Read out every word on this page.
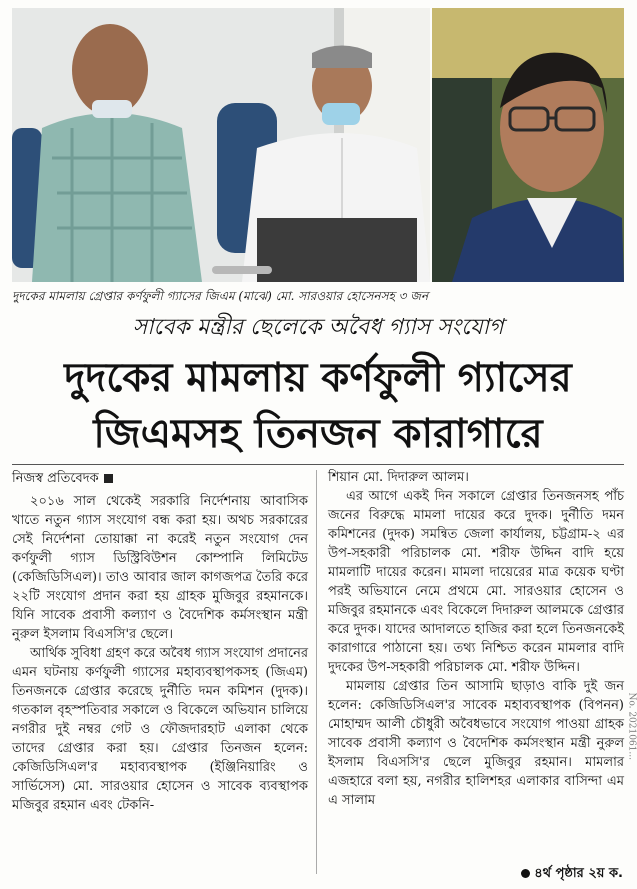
দুদকের মামলায় গ্রেপ্তার কর্ণফুলী গ্যাসের জিএম (মাঝে) মো. সারওয়ার হোসেনসহ ৩ জন
সাবেক মন্ত্রীর ছেলেকে অবৈধ গ্যাস সংযোগ
দুদকের মামলায় কর্ণফুলী গ্যাসের
জিএমসহ তিনজন কারাগারে
নিজস্ব প্রতিবেদক

২০১৬ সাল থেকেই সরকারি নির্দেশনায় আবাসিক খাতে নতুন গ্যাস সংযোগ বন্ধ করা হয়। অথচ সরকারের সেই নির্দেশনা তোয়াক্কা না করেই নতুন সংযোগ দেন কর্ণফুলী গ্যাস ডিস্ট্রিবিউশন কোম্পানি লিমিটেড (কেজিডিসিএল)। তাও আবার জাল কাগজপত্র তৈরি করে ২২টি সংযোগ প্রদান করা হয় গ্রাহক মুজিবুর রহমানকে। যিনি সাবেক প্রবাসী কল্যাণ ও বৈদেশিক কর্মসংস্থান মন্ত্রী নুরুল ইসলাম বিএসসি'র ছেলে।

আর্থিক সুবিধা গ্রহণ করে অবৈধ গ্যাস সংযোগ প্রদানের এমন ঘটনায় কর্ণফুলী গ্যাসের মহাব্যবস্থাপকসহ (জিএম) তিনজনকে গ্রেপ্তার করেছে দুর্নীতি দমন কমিশন (দুদক)। গতকাল বৃহস্পতিবার সকালে ও বিকেলে অভিযান চালিয়ে নগরীর দুই নম্বর গেট ও ফৌজদারহাট এলাকা থেকে তাদের গ্রেপ্তার করা হয়। গ্রেপ্তার তিনজন হলেন: কেজিডিসিএল'র মহাব্যবস্থাপক (ইঞ্জিনিয়ারিং ও সার্ভিসেস) মো. সারওয়ার হোসেন ও সাবেক ব্যবস্থাপক মজিবুর রহমান এবং টেকনি-

শিয়ান মো. দিদারুল আলম।

এর আগে একই দিন সকালে গ্রেপ্তার তিনজনসহ পাঁচ জনের বিরুদ্ধে মামলা দায়ের করে দুদক। দুর্নীতি দমন কমিশনের (দুদক) সমন্বিত জেলা কার্যালয়, চট্টগ্রাম-২ এর উপ-সহকারী পরিচালক মো. শরীফ উদ্দিন বাদি হয়ে মামলাটি দায়ের করেন। মামলা দায়েরের মাত্র কয়েক ঘণ্টা পরই অভিযানে নেমে প্রথমে মো. সারওয়ার হোসেন ও মজিবুর রহমানকে এবং বিকেলে দিদারুল আলমকে গ্রেপ্তার করে দুদক। যাদের আদালতে হাজির করা হলে তিনজনকেই কারাগারে পাঠানো হয়। তথ্য নিশ্চিত করেন মামলার বাদি দুদকের উপ-সহকারী পরিচালক মো. শরীফ উদ্দিন।

মামলায় গ্রেপ্তার তিন আসামি ছাড়াও বাকি দুই জন হলেন: কেজিডিসিএল'র সাবেক মহাব্যবস্থাপক (বিপনন) মোহাম্মদ আলী চৌধুরী অবৈধভাবে সংযোগ পাওয়া গ্রাহক সাবেক প্রবাসী কল্যাণ ও বৈদেশিক কর্মসংস্থান মন্ত্রী নুরুল ইসলাম বিএসসি'র ছেলে মুজিবুর রহমান। মামলার এজহারে বলা হয়, নগরীর হালিশহর এলাকার বাসিন্দা এম এ সালাম

৪র্থ পৃষ্ঠার ২য় ক.
No. 2021061...
